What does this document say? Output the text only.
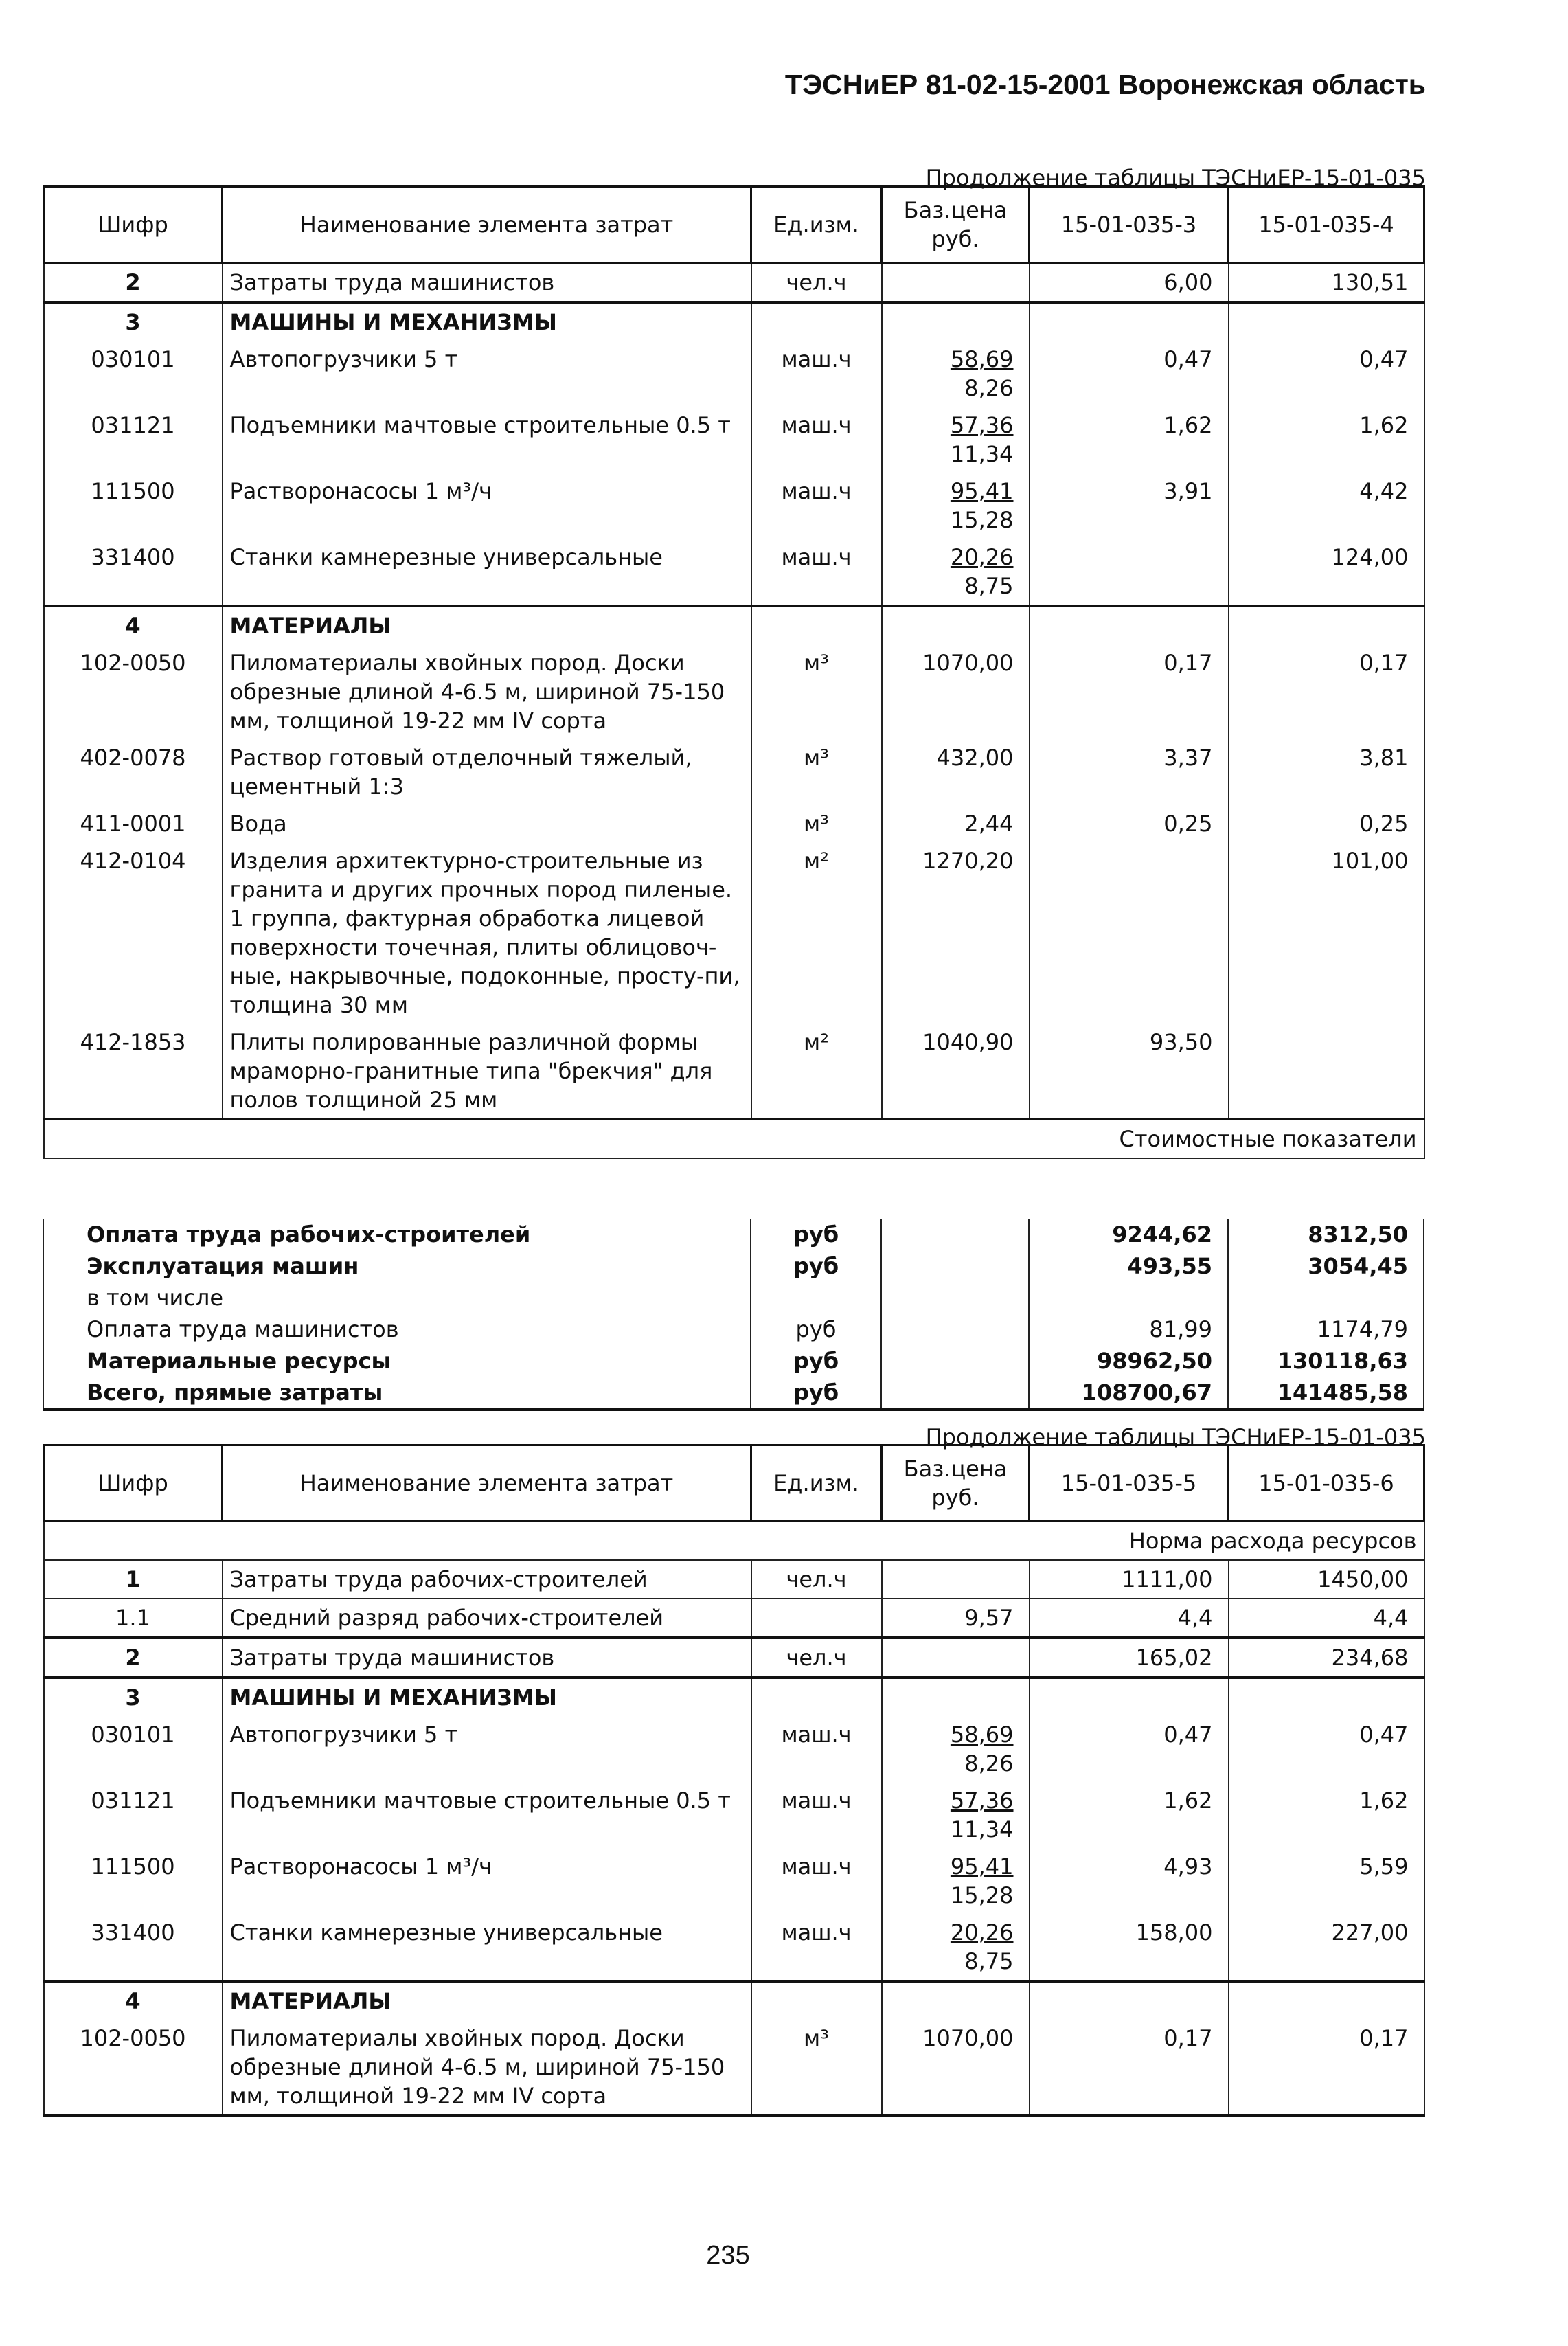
ТЭСНиЕР 81-02-15-2001 Воронежская область
Продолжение таблицы ТЭСНиЕР-15-01-035
Шифр	Наименование элемента затрат	Ед.изм.	Баз.цена руб.	15-01-035-3	15-01-035-4
2	Затраты труда машинистов	чел.ч		6,00	130,51
3	МАШИНЫ И МЕХАНИЗМЫ				
030101	Автопогрузчики 5 т	маш.ч	$\frac{58,69}{8,26}$	0,47	0,47
031121	Подъемники мачтовые строительные 0.5 т	маш.ч	$\frac{57,36}{11,34}$	1,62	1,62
111500	Растворонасосы 1 м³/ч	маш.ч	$\frac{95,41}{15,28}$	3,91	4,42
331400	Станки камнерезные универсальные	маш.ч	$\frac{20,26}{8,75}$		124,00
4	МАТЕРИАЛЫ				
102-0050	Пиломатериалы хвойных пород. Доски обрезные длиной 4-6.5 м, шириной 75-150 мм, толщиной 19-22 мм IV сорта	м³	1070,00	0,17	0,17
402-0078	Раствор готовый отделочный тяжелый, цементный 1:3	м³	432,00	3,37	3,81
411-0001	Вода	м³	2,44	0,25	0,25
412-0104	Изделия архитектурно-строительные из гранита и других прочных пород пиленые. 1 группа, фактурная обработка лицевой поверхности точечная, плиты облицовоч-ные, накрывочные, подоконные, просту-пи, толщина 30 мм	м²	1270,20		101,00
412-1853	Плиты полированные различной формы мраморно-гранитные типа "брекчия" для полов толщиной 25 мм	м²	1040,90	93,50	
Стоимостные показатели					
Оплата труда рабочих-строителей	руб		9244,62	8312,50
Эксплуатация машин	руб		493,55	3054,45
в том числе				
Оплата труда машинистов	руб		81,99	1174,79
Материальные ресурсы	руб		98962,50	130118,63
Всего, прямые затраты	руб		108700,67	141485,58
Продолжение таблицы ТЭСНиЕР-15-01-035
Шифр	Наименование элемента затрат	Ед.изм.	Баз.цена руб.	15-01-035-5	15-01-035-6
Норма расхода ресурсов					
1	Затраты труда рабочих-строителей	чел.ч		1111,00	1450,00
1.1	Средний разряд рабочих-строителей		9,57	4,4	4,4
2	Затраты труда машинистов	чел.ч		165,02	234,68
3	МАШИНЫ И МЕХАНИЗМЫ				
030101	Автопогрузчики 5 т	маш.ч	$\frac{58,69}{8,26}$	0,47	0,47
031121	Подъемники мачтовые строительные 0.5 т	маш.ч	$\frac{57,36}{11,34}$	1,62	1,62
111500	Растворонасосы 1 м³/ч	маш.ч	$\frac{95,41}{15,28}$	4,93	5,59
331400	Станки камнерезные универсальные	маш.ч	$\frac{20,26}{8,75}$	158,00	227,00
4	МАТЕРИАЛЫ				
102-0050	Пиломатериалы хвойных пород. Доски обрезные длиной 4-6.5 м, шириной 75-150 мм, толщиной 19-22 мм IV сорта	м³	1070,00	0,17	0,17
235
